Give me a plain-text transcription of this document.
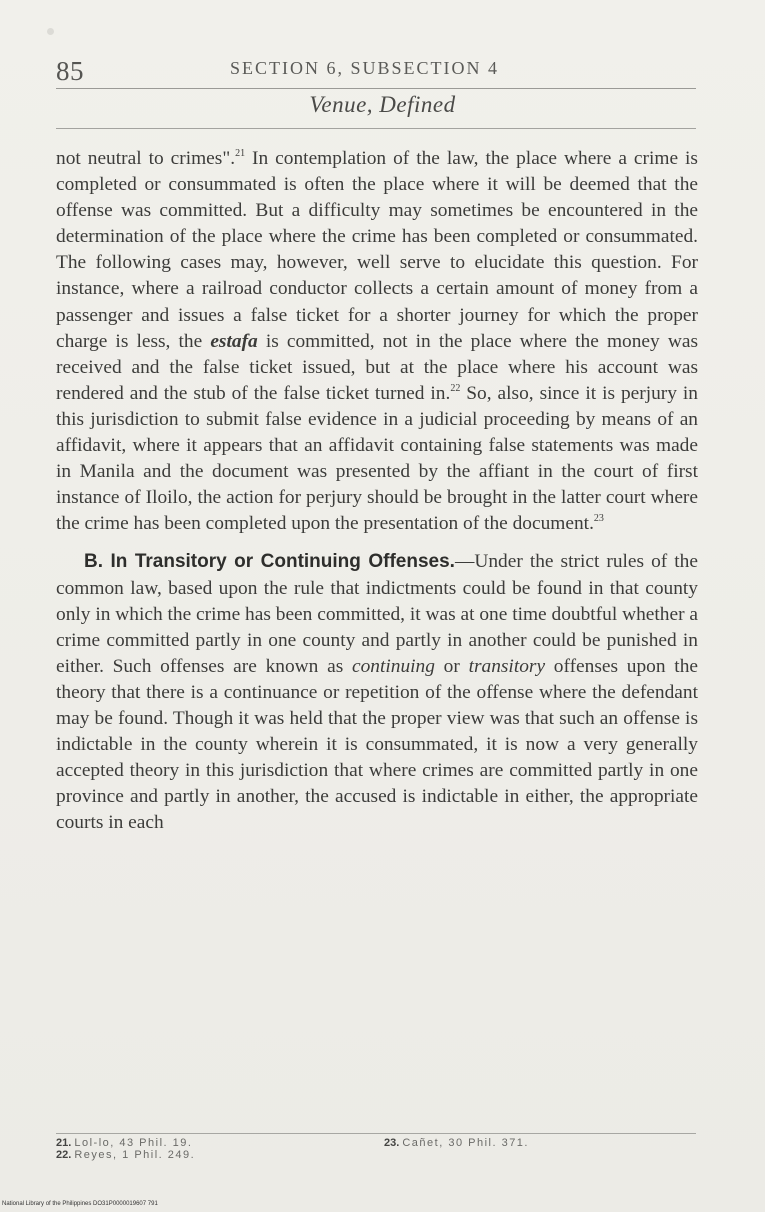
85	SECTION 6, SUBSECTION 4
Venue, Defined

not neutral to crimes".$^{21}$ In contemplation of the law, the place where a crime is completed or consummated is often the place where it will be deemed that the offense was committed. But a difficulty may sometimes be encountered in the determination of the place where the crime has been completed or consummated. The following cases may, however, well serve to elucidate this question. For instance, where a railroad conductor collects a certain amount of money from a passenger and issues a false ticket for a shorter journey for which the proper charge is less, the estafa is committed, not in the place where the money was received and the false ticket issued, but at the place where his account was rendered and the stub of the false ticket turned in.$^{22}$ So, also, since it is perjury in this jurisdiction to submit false evidence in a judicial proceeding by means of an affidavit, where it appears that an affidavit containing false statements was made in Manila and the document was presented by the affiant in the court of first instance of Iloilo, the action for perjury should be brought in the latter court where the crime has been completed upon the presentation of the document.$^{23}$

B. In Transitory or Continuing Offenses.—Under the strict rules of the common law, based upon the rule that indictments could be found in that county only in which the crime has been committed, it was at one time doubtful whether a crime committed partly in one county and partly in another could be punished in either. Such offenses are known as continuing or transitory offenses upon the theory that there is a continuance or repetition of the offense where the defendant may be found. Though it was held that the proper view was that such an offense is indictable in the county wherein it is consummated, it is now a very generally accepted theory in this jurisdiction that where crimes are committed partly in one province and partly in another, the accused is indictable in either, the appropriate courts in each

21. Lol-lo, 43 Phil. 19.
22. Reyes, 1 Phil. 249.
23. Cañet, 30 Phil. 371.
National Library of the Philippines DO31P0000019607 791
